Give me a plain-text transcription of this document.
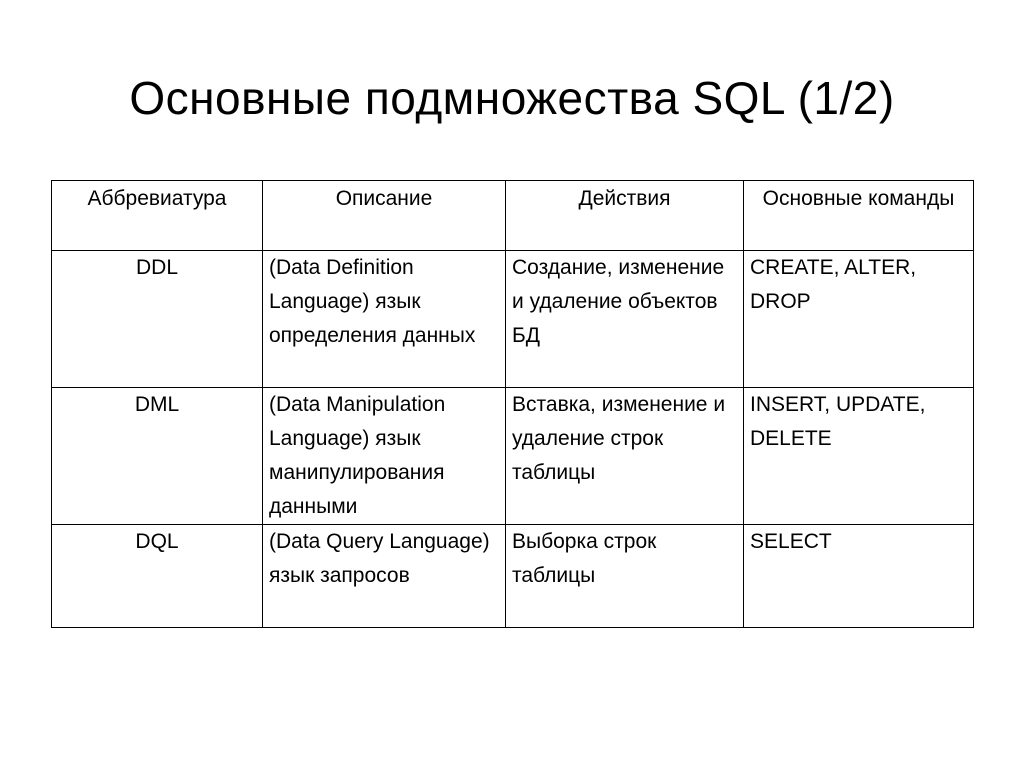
Основные подмножества SQL (1/2)
Аббревиатура	Описание	Действия	Основные команды
DDL	(Data Definition Language) язык определения данных	Создание, изменение и удаление объектов БД	CREATE, ALTER, DROP
DML	(Data Manipulation Language) язык манипулирования данными	Вставка, изменение и удаление строк таблицы	INSERT, UPDATE, DELETE
DQL	(Data Query Language) язык запросов	Выборка строк таблицы	SELECT
